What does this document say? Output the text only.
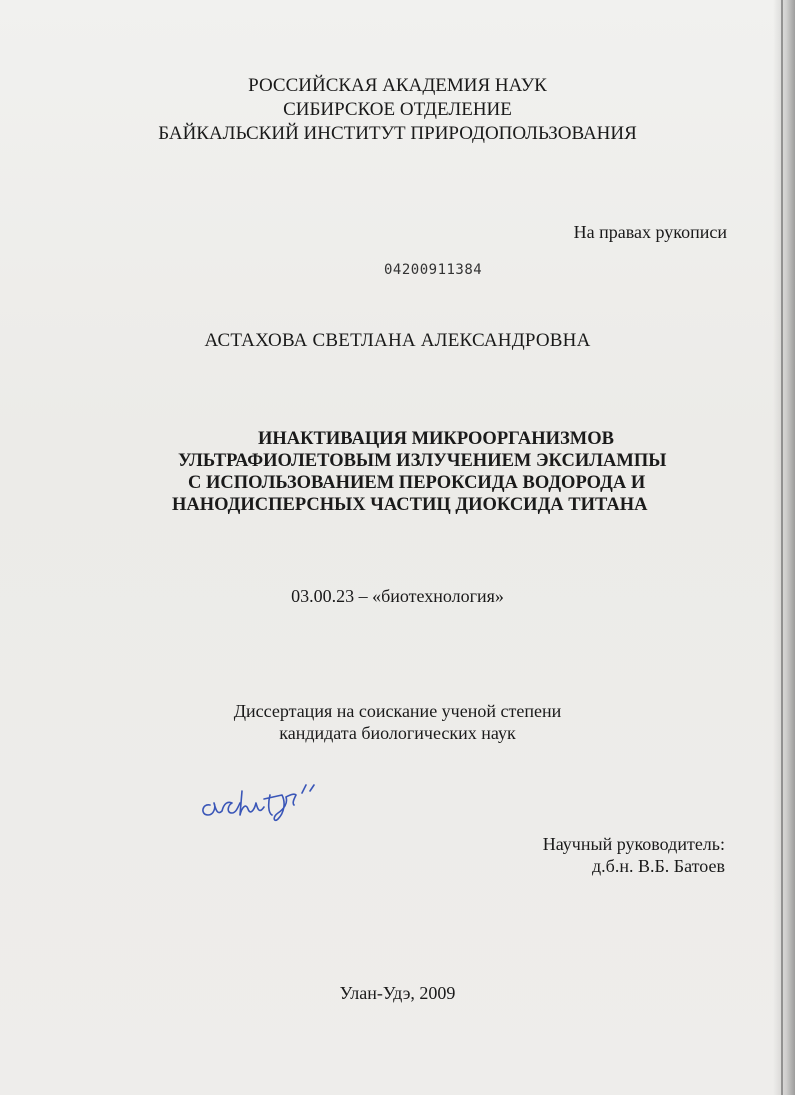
РОССИЙСКАЯ АКАДЕМИЯ НАУК
СИБИРСКОЕ ОТДЕЛЕНИЕ
БАЙКАЛЬСКИЙ ИНСТИТУТ ПРИРОДОПОЛЬЗОВАНИЯ
На правах рукописи
04200911384
АСТАХОВА СВЕТЛАНА АЛЕКСАНДРОВНА
ИНАКТИВАЦИЯ МИКРООРГАНИЗМОВ
УЛЬТРАФИОЛЕТОВЫМ ИЗЛУЧЕНИЕМ ЭКСИЛАМПЫ
С ИСПОЛЬЗОВАНИЕМ ПЕРОКСИДА ВОДОРОДА И
НАНОДИСПЕРСНЫХ ЧАСТИЦ ДИОКСИДА ТИТАНА
03.00.23 – «биотехнология»
Диссертация на соискание ученой степени
кандидата биологических наук
Научный руководитель:
д.б.н. В.Б. Батоев
Улан-Удэ, 2009
